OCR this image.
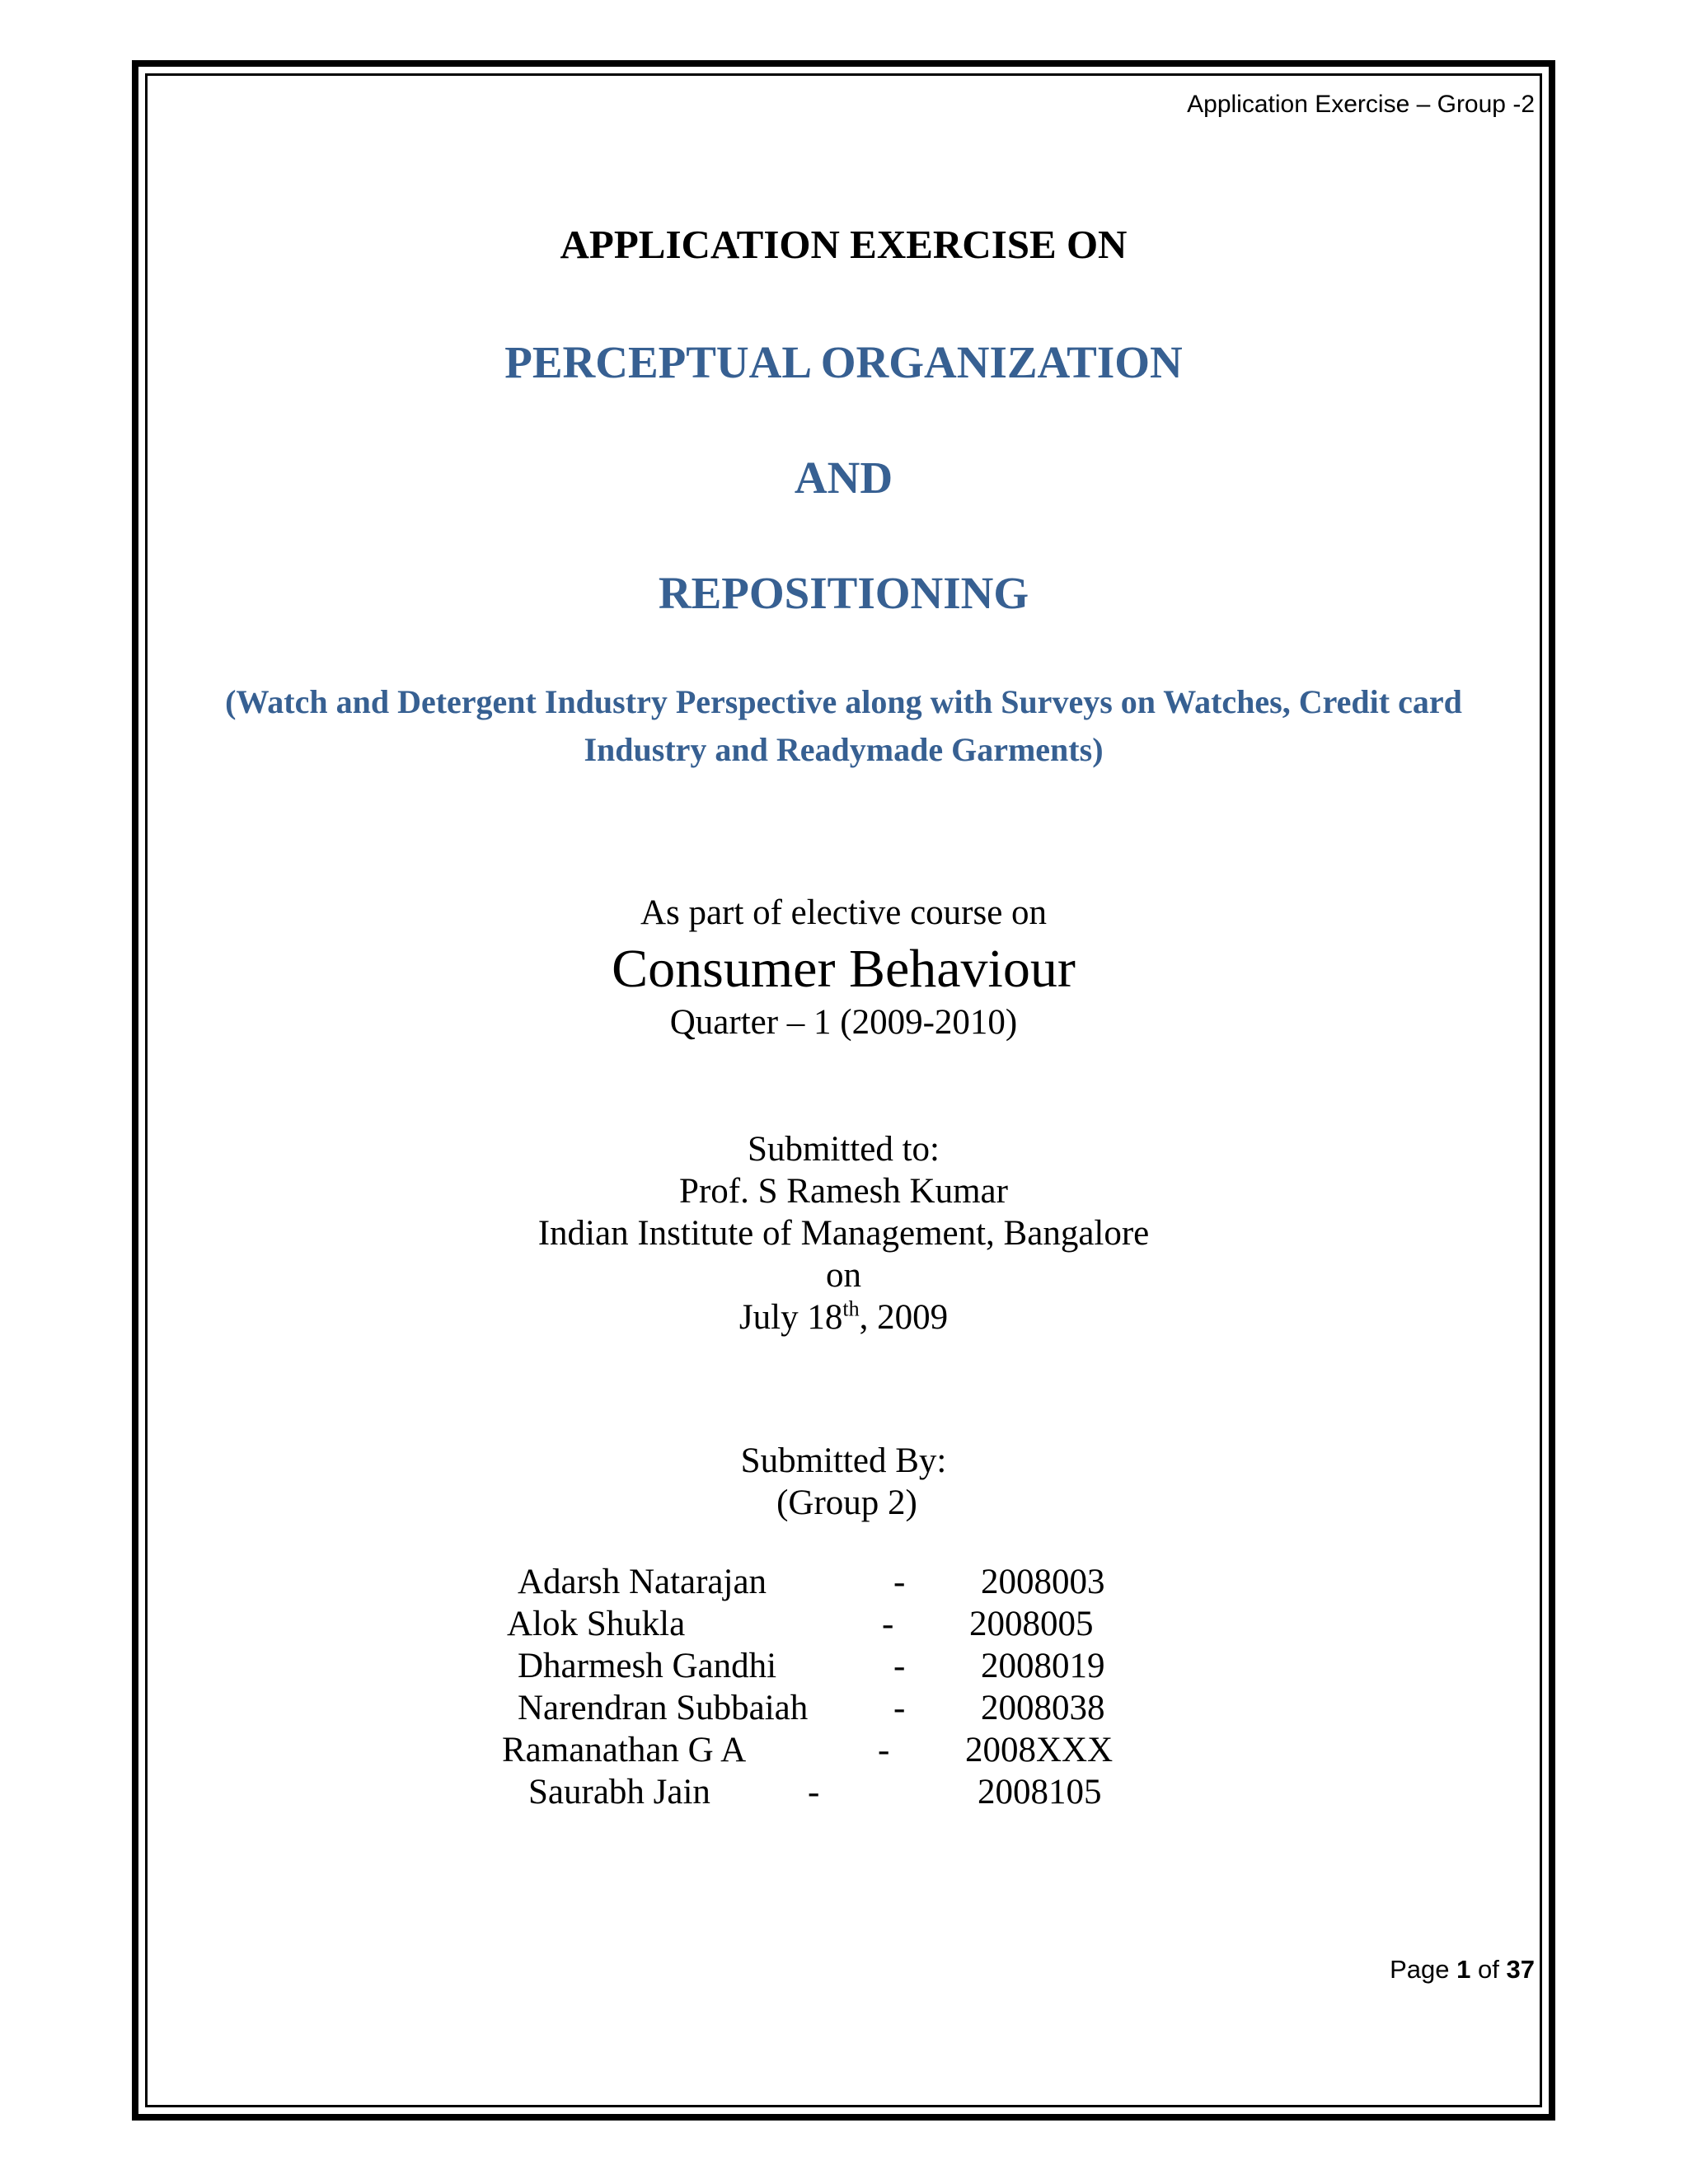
Application Exercise – Group -2
APPLICATION EXERCISE ON
PERCEPTUAL ORGANIZATION
AND
REPOSITIONING
(Watch and Detergent Industry Perspective along with Surveys on Watches, Credit card
Industry and Readymade Garments)
As part of elective course on
Consumer Behaviour
Quarter – 1 (2009-2010)
Submitted to:
Prof. S Ramesh Kumar
Indian Institute of Management, Bangalore
on
July 18th, 2009
Submitted By:
(Group 2)
Adarsh Natarajan	- 2008003
Alok Shukla	- 2008005
Dharmesh Gandhi	- 2008019
Narendran Subbaiah - 2008038
Ramanathan G A	- 2008XXX
Saurabh Jain	-	2008105
Page 1 of 37
